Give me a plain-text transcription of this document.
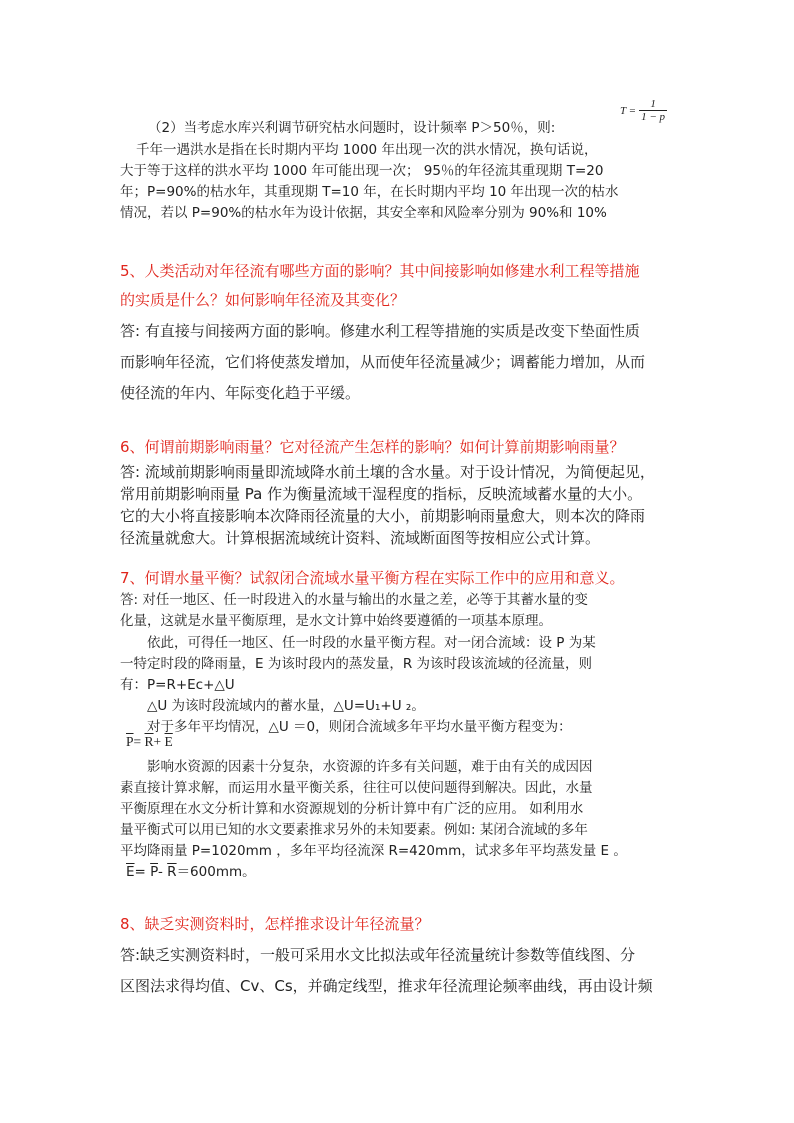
$T = \frac{1}{1 - p}$
（2）当考虑水库兴利调节研究枯水问题时，设计频率 P＞50％，则:
千年一遇洪水是指在长时期内平均 1000 年出现一次的洪水情况，换句话说，
大于等于这样的洪水平均 1000 年可能出现一次； 95％的年径流其重现期 T=20
年；P=90%的枯水年，其重现期 T=10 年，在长时期内平均 10 年出现一次的枯水
情况，若以 P=90%的枯水年为设计依据，其安全率和风险率分别为 90%和 10%
5、人类活动对年径流有哪些方面的影响？其中间接影响如修建水利工程等措施
的实质是什么？如何影响年径流及其变化？
答: 有直接与间接两方面的影响。修建水利工程等措施的实质是改变下垫面性质
而影响年径流，它们将使蒸发增加，从而使年径流量减少；调蓄能力增加，从而
使径流的年内、年际变化趋于平缓。
6、何谓前期影响雨量？它对径流产生怎样的影响？如何计算前期影响雨量？
答: 流域前期影响雨量即流域降水前土壤的含水量。对于设计情况，为简便起见，
常用前期影响雨量 Pa 作为衡量流域干湿程度的指标，反映流域蓄水量的大小。
它的大小将直接影响本次降雨径流量的大小，前期影响雨量愈大，则本次的降雨
径流量就愈大。计算根据流域统计资料、流域断面图等按相应公式计算。
7、何谓水量平衡？试叙闭合流域水量平衡方程在实际工作中的应用和意义。
答: 对任一地区、任一时段进入的水量与输出的水量之差，必等于其蓄水量的变
化量，这就是水量平衡原理，是水文计算中始终要遵循的一项基本原理。
依此，可得任一地区、任一时段的水量平衡方程。对一闭合流域：设 P 为某
一特定时段的降雨量，E 为该时段内的蒸发量，R 为该时段该流域的径流量，则
有：P=R+Ec+△U
△U 为该时段流域内的蓄水量，△U=U₁+U ₂。
对于多年平均情况，△U ＝0，则闭合流域多年平均水量平衡方程变为：
$\overline{P}= \overline{R}+ \overline{E}$
影响水资源的因素十分复杂，水资源的许多有关问题，难于由有关的成因因
素直接计算求解，而运用水量平衡关系，往往可以使问题得到解决。因此，水量
平衡原理在水文分析计算和水资源规划的分析计算中有广泛的应用。 如利用水
量平衡式可以用已知的水文要素推求另外的未知要素。例如: 某闭合流域的多年
平均降雨量 P=1020mm ，多年平均径流深 R=420mm，试求多年平均蒸发量 E 。
$\overline{E}= \overline{P}-$ $\overline{R}=600mm$。
8、缺乏实测资料时，怎样推求设计年径流量？
答:缺乏实测资料时，一般可采用水文比拟法或年径流量统计参数等值线图、分
区图法求得均值、Cv、Cs，并确定线型，推求年径流理论频率曲线，再由设计频
